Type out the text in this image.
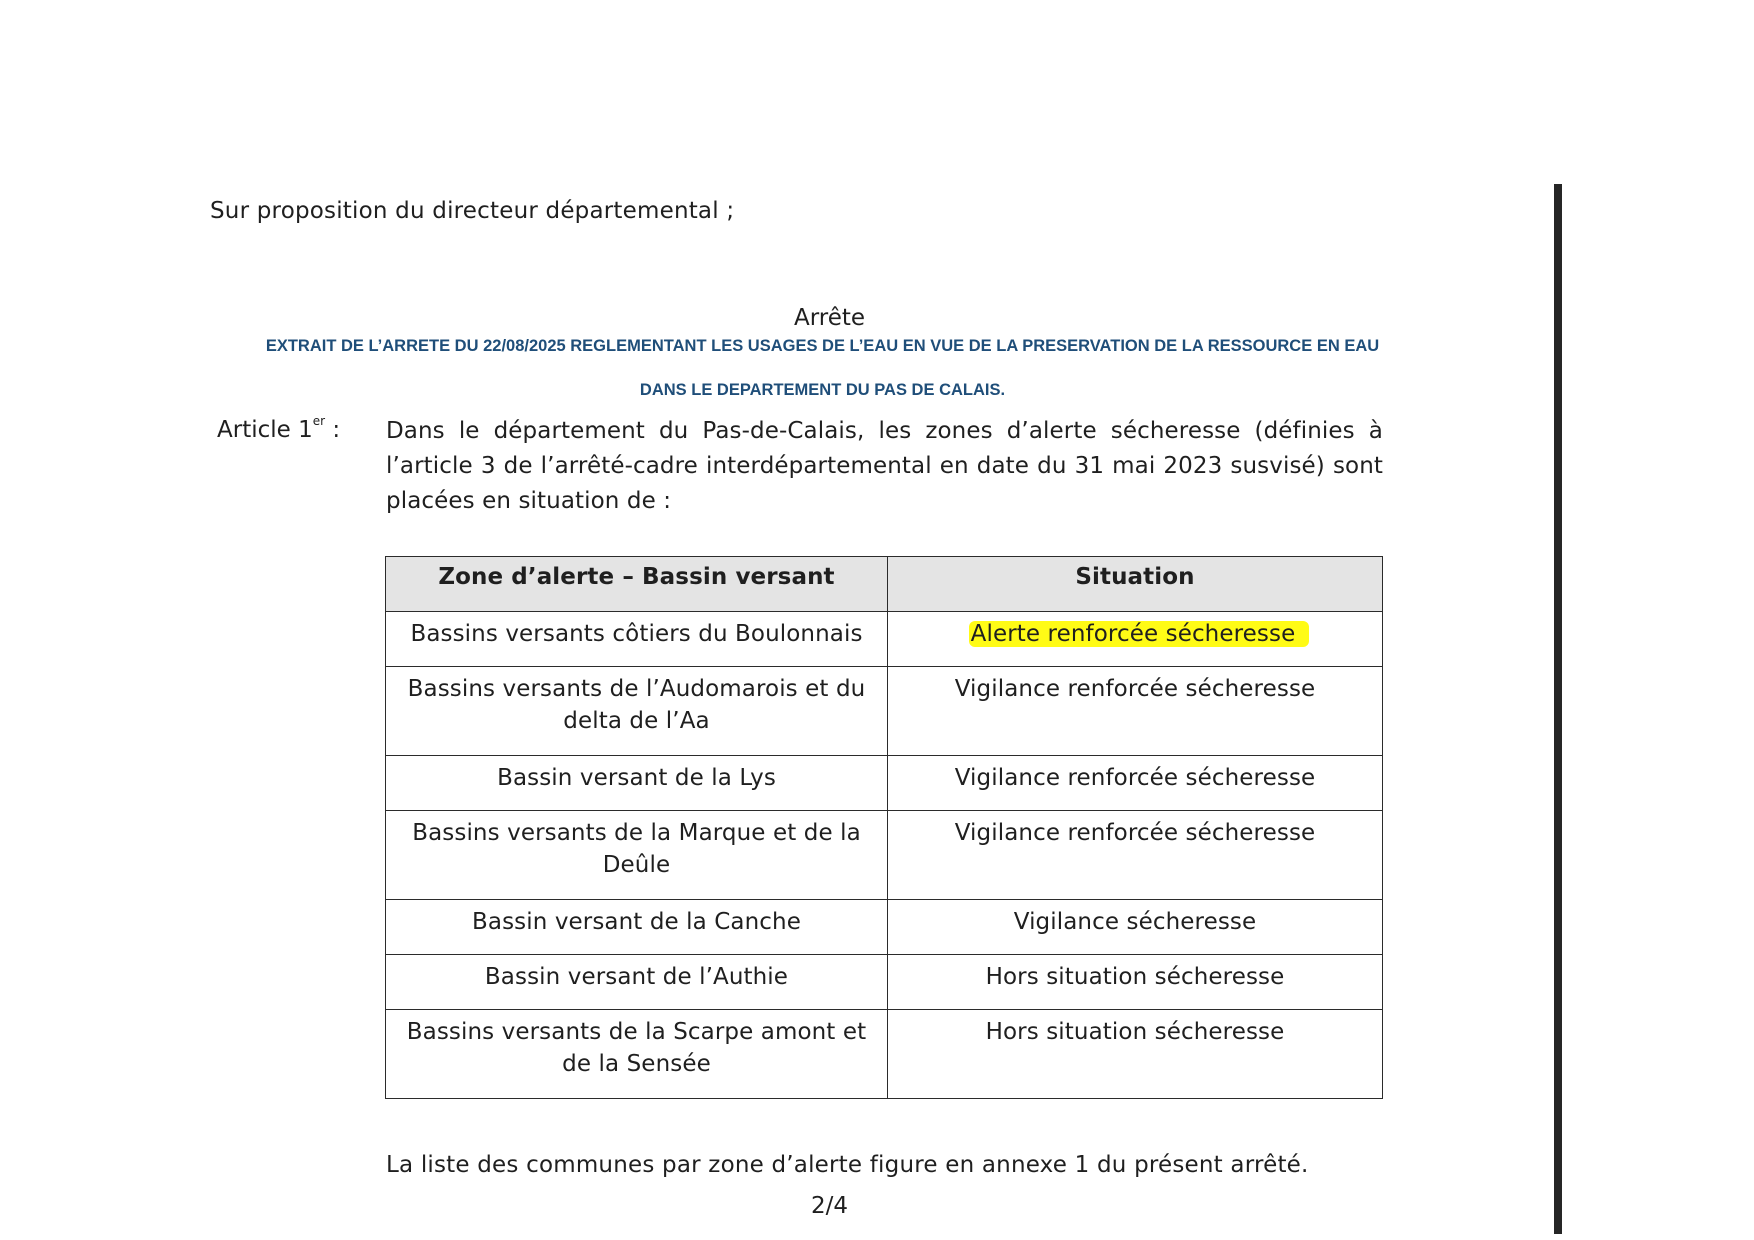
Sur proposition du directeur départemental ;
Arrête
EXTRAIT DE L’ARRETE DU 22/08/2025 REGLEMENTANT LES USAGES DE L’EAU EN VUE DE LA PRESERVATION DE LA RESSOURCE EN EAU
DANS LE DEPARTEMENT DU PAS DE CALAIS.
Article 1er : Dans le département du Pas-de-Calais, les zones d’alerte sécheresse (définies à l’article 3 de l’arrêté-cadre interdépartemental en date du 31 mai 2023 susvisé) sont placées en situation de :
Zone d’alerte – Bassin versant	Situation
Bassins versants côtiers du Boulonnais	Alerte renforcée sécheresse
Bassins versants de l’Audomarois et du delta de l’Aa	Vigilance renforcée sécheresse
Bassin versant de la Lys	Vigilance renforcée sécheresse
Bassins versants de la Marque et de la Deûle	Vigilance renforcée sécheresse
Bassin versant de la Canche	Vigilance sécheresse
Bassin versant de l’Authie	Hors situation sécheresse
Bassins versants de la Scarpe amont et de la Sensée	Hors situation sécheresse
La liste des communes par zone d’alerte figure en annexe 1 du présent arrêté.
2/4
